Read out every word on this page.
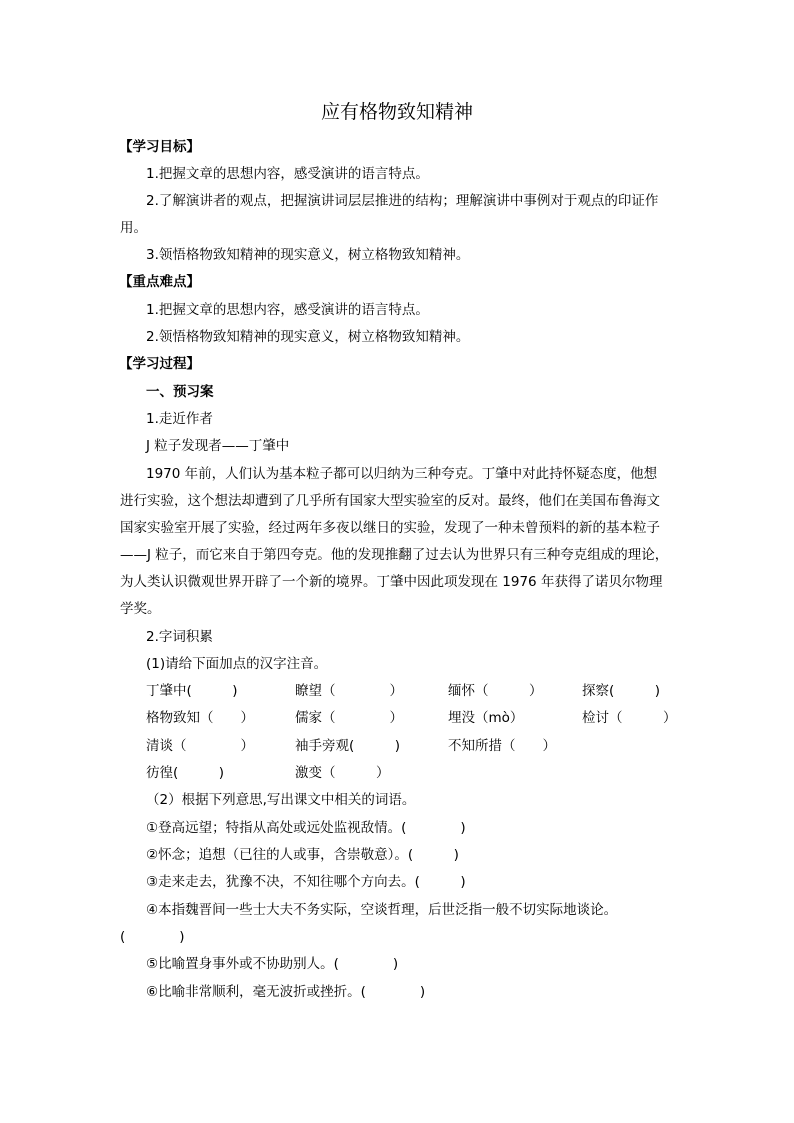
应有格物致知精神
【学习目标】
1.把握文章的思想内容，感受演讲的语言特点。
2.了解演讲者的观点，把握演讲词层层推进的结构；理解演讲中事例对于观点的印证作
用。
3.领悟格物致知精神的现实意义，树立格物致知精神。
【重点难点】
1.把握文章的思想内容，感受演讲的语言特点。
2.领悟格物致知精神的现实意义，树立格物致知精神。
【学习过程】
一、预习案
1.走近作者
J 粒子发现者——丁肇中
1970 年前，人们认为基本粒子都可以归纳为三种夸克。丁肇中对此持怀疑态度，他想
进行实验，这个想法却遭到了几乎所有国家大型实验室的反对。最终，他们在美国布鲁海文
国家实验室开展了实验，经过两年多夜以继日的实验，发现了一种未曾预料的新的基本粒子
——J 粒子，而它来自于第四夸克。他的发现推翻了过去认为世界只有三种夸克组成的理论，
为人类认识微观世界开辟了一个新的境界。丁肇中因此项发现在 1976 年获得了诺贝尔物理
学奖。
2.字词积累
(1)请给下面加点的汉字注音。
丁肇中(　　　)	瞭望（　　　　）	缅怀（　　　）	探察(　　　)
格物致知（　　）	儒家（　　　　）	埋没（mò）	检讨（　　　）
清谈（　　　　）	袖手旁观(　　　)	不知所措（　　）
彷徨(　　　)	激变（　　　）
（2）根据下列意思,写出课文中相关的词语。
①登高远望；特指从高处或远处监视敌情。(　　　　)
②怀念；追想（已往的人或事，含崇敬意）。(　　　)
③走来走去，犹豫不决，不知往哪个方向去。(　　　)
④本指魏晋间一些士大夫不务实际，空谈哲理，后世泛指一般不切实际地谈论。
(　　　　)
⑤比喻置身事外或不协助别人。(　　　　)
⑥比喻非常顺利，毫无波折或挫折。(　　　　)
